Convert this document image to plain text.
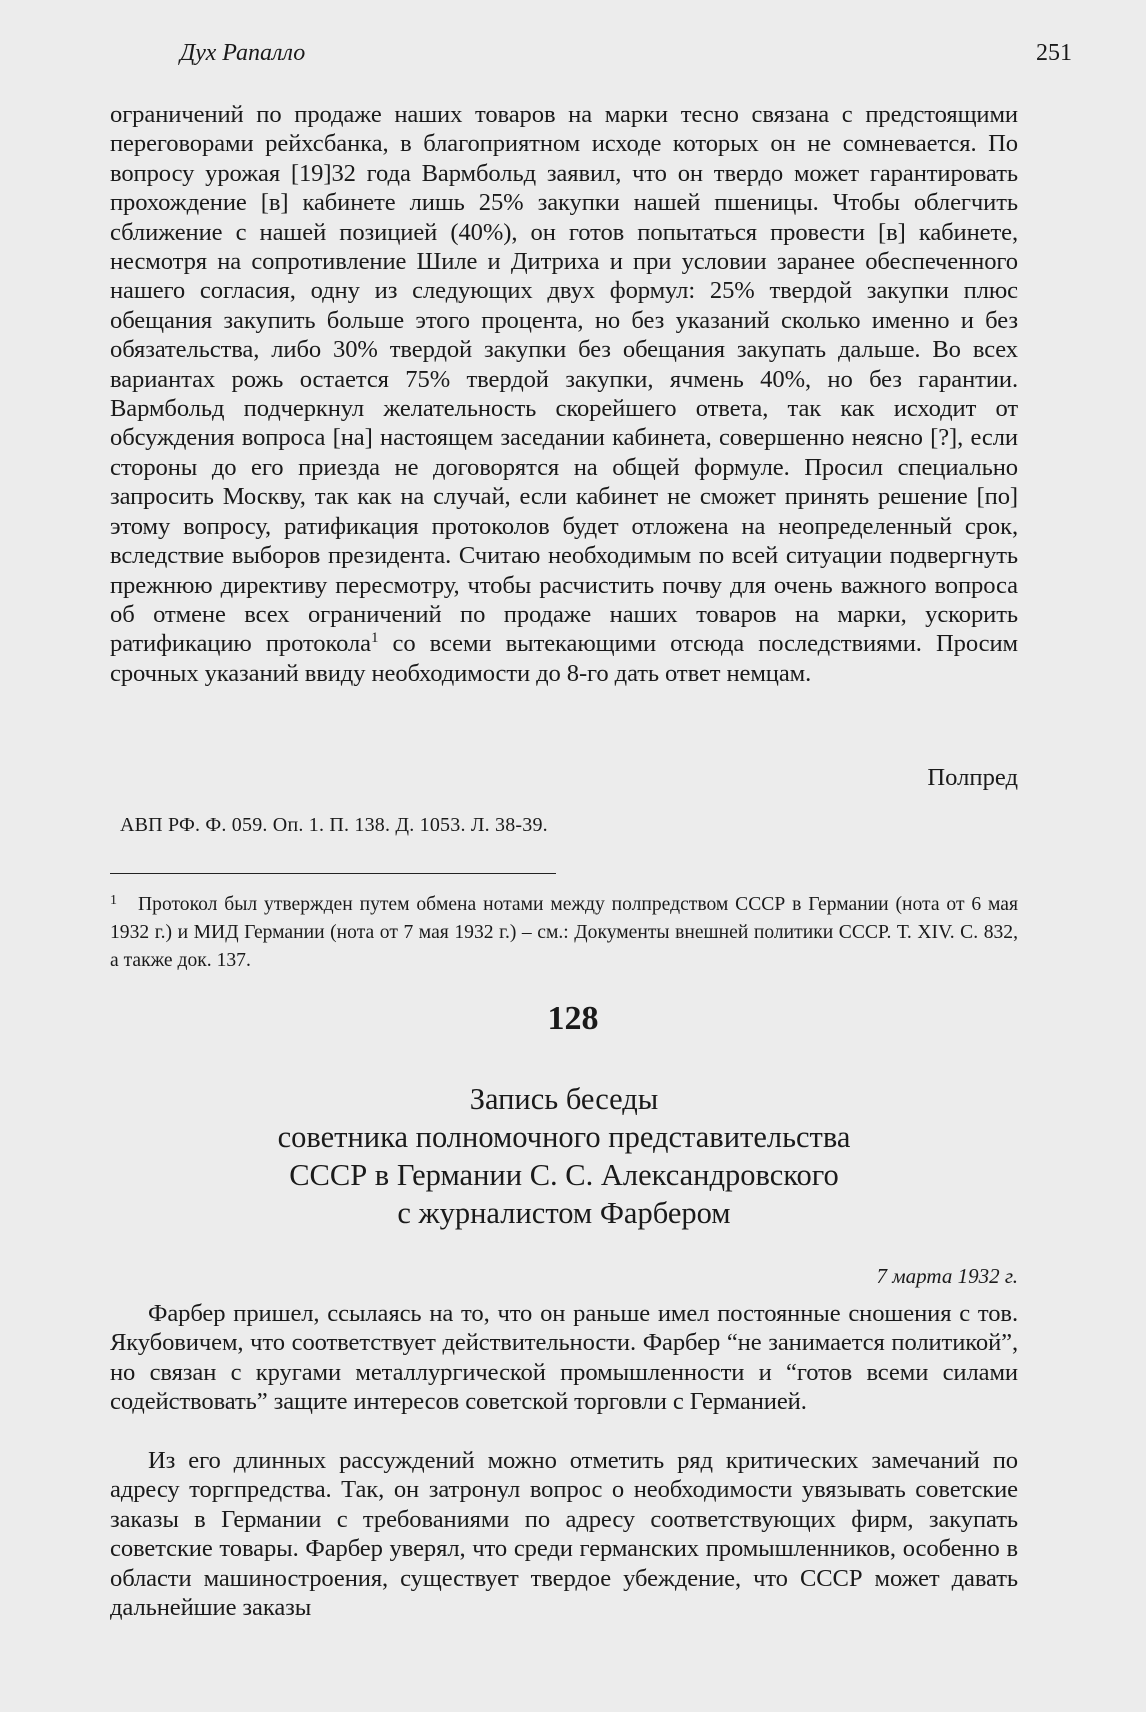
Дух Рапалло	251
ограничений по продаже наших товаров на марки тесно связана с предстоящими переговорами рейхсбанка, в благоприятном исходе которых он не сомневается. По вопросу урожая [19]32 года Вармбольд заявил, что он твердо может гарантировать прохождение [в] кабинете лишь 25% закупки нашей пшеницы. Чтобы облегчить сближение с нашей позицией (40%), он готов попытаться провести [в] кабинете, несмотря на сопротивление Шиле и Дитриха и при условии заранее обеспеченного нашего согласия, одну из следующих двух формул: 25% твердой закупки плюс обещания закупить больше этого процента, но без указаний сколько именно и без обязательства, либо 30% твердой закупки без обещания закупать дальше. Во всех вариантах рожь остается 75% твердой закупки, ячмень 40%, но без гарантии. Вармбольд подчеркнул желательность скорейшего ответа, так как исходит от обсуждения вопроса [на] настоящем заседании кабинета, совершенно неясно [?], если стороны до его приезда не договорятся на общей формуле. Просил специально запросить Москву, так как на случай, если кабинет не сможет принять решение [по] этому вопросу, ратификация протоколов будет отложена на неопределенный срок, вследствие выборов президента. Считаю необходимым по всей ситуации подвергнуть прежнюю директиву пересмотру, чтобы расчистить почву для очень важного вопроса об отмене всех ограничений по продаже наших товаров на марки, ускорить ратификацию протокола$^1$ со всеми вытекающими отсюда последствиями. Просим срочных указаний ввиду необходимости до 8-го дать ответ немцам.
Полпред
АВП РФ. Ф. 059. Оп. 1. П. 138. Д. 1053. Л. 38-39.
1 Протокол был утвержден путем обмена нотами между полпредством СССР в Германии (нота от 6 мая 1932 г.) и МИД Германии (нота от 7 мая 1932 г.) – см.: Документы внешней политики СССР. Т. XIV. С. 832, а также док. 137.
128
Запись беседы
советника полномочного представительства
СССР в Германии С. С. Александровского
с журналистом Фарбером
7 марта 1932 г.
Фарбер пришел, ссылаясь на то, что он раньше имел постоянные сношения с тов. Якубовичем, что соответствует действительности. Фарбер “не занимается политикой”, но связан с кругами металлургической промышленности и “готов всеми силами содействовать” защите интересов советской торговли с Германией.
Из его длинных рассуждений можно отметить ряд критических замечаний по адресу торгпредства. Так, он затронул вопрос о необходимости увязывать советские заказы в Германии с требованиями по адресу соответствующих фирм, закупать советские товары. Фарбер уверял, что среди германских промышленников, особенно в области машиностроения, существует твердое убеждение, что СССР может давать дальнейшие заказы
